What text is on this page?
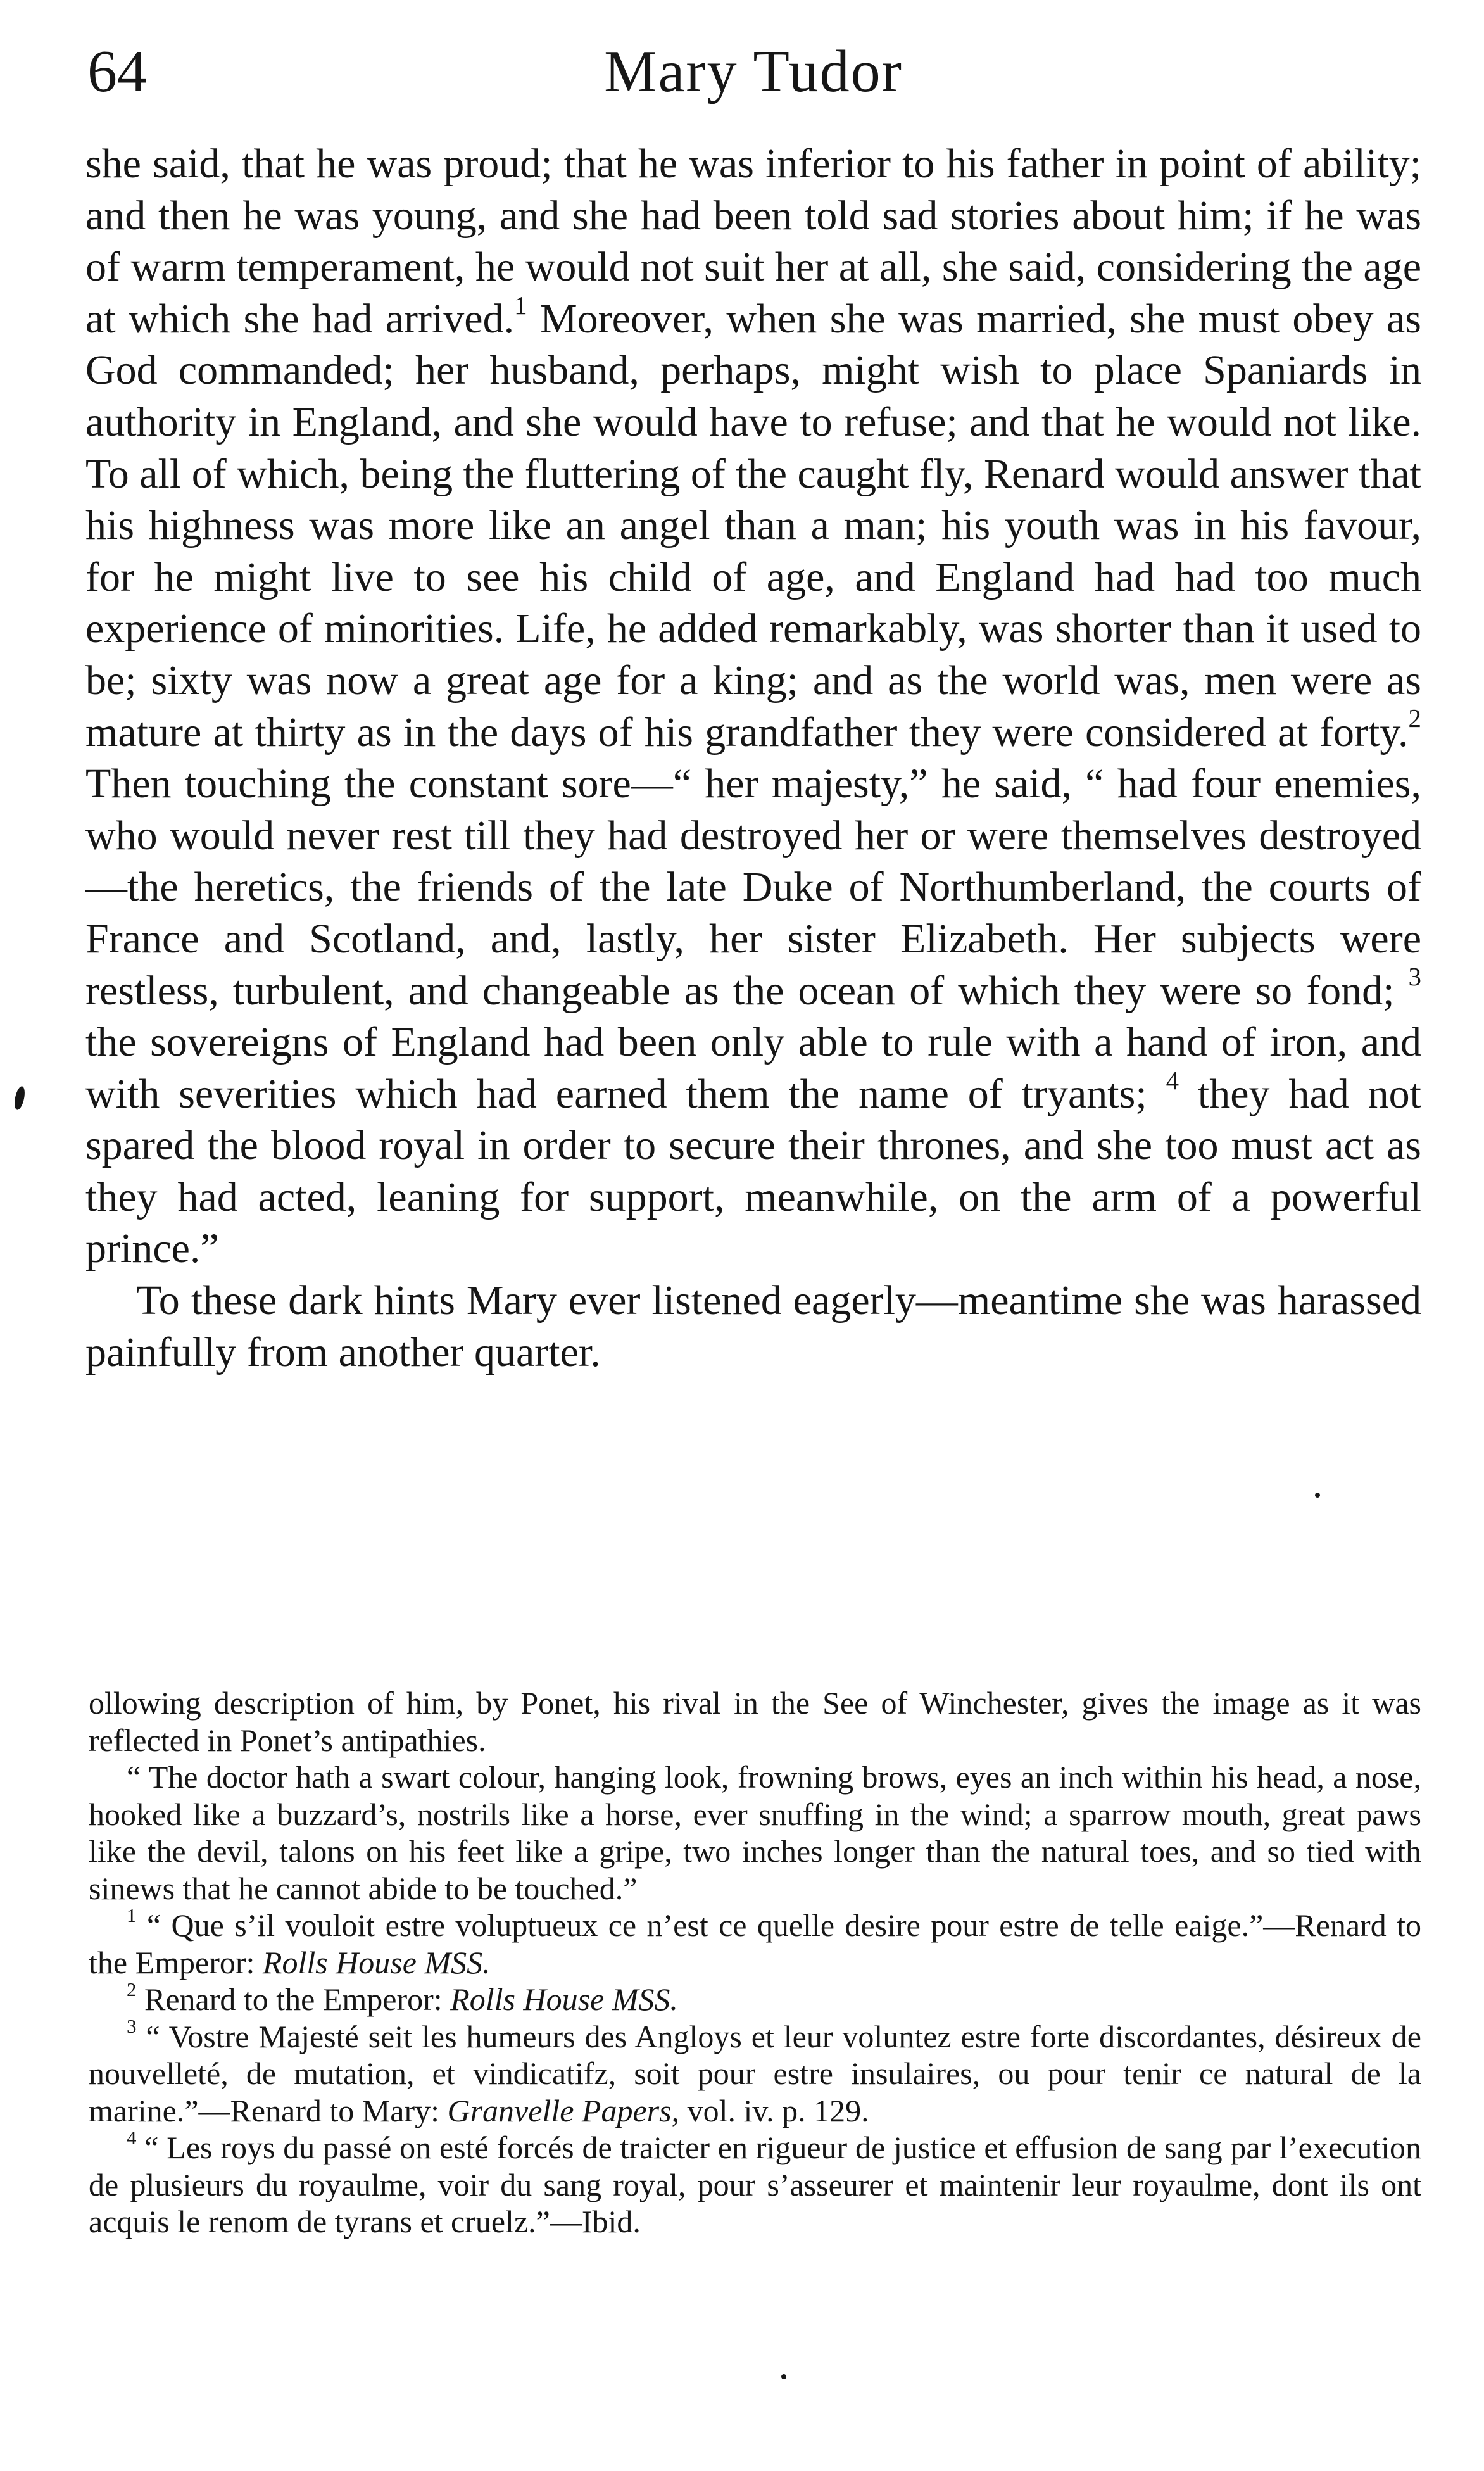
64	Mary Tudor

she said, that he was proud; that he was inferior to his father in point of ability; and then he was young, and she had been told sad stories about him; if he was of warm temperament, he would not suit her at all, she said, considering the age at which she had arrived.$^1$ Moreover, when she was married, she must obey as God commanded; her husband, perhaps, might wish to place Spaniards in authority in England, and she would have to refuse; and that he would not like. To all of which, being the fluttering of the caught fly, Renard would answer that his highness was more like an angel than a man; his youth was in his favour, for he might live to see his child of age, and England had had too much experience of minorities. Life, he added remarkably, was shorter than it used to be; sixty was now a great age for a king; and as the world was, men were as mature at thirty as in the days of his grandfather they were considered at forty.$^2$ Then touching the constant sore—“ her majesty,” he said, “ had four enemies, who would never rest till they had destroyed her or were themselves destroyed—the heretics, the friends of the late Duke of Northumberland, the courts of France and Scotland, and, lastly, her sister Elizabeth. Her subjects were restless, turbulent, and changeable as the ocean of which they were so fond; $^3$ the sovereigns of England had been only able to rule with a hand of iron, and with severities which had earned them the name of tryants; $^4$ they had not spared the blood royal in order to secure their thrones, and she too must act as they had acted, leaning for support, meanwhile, on the arm of a powerful prince.”

To these dark hints Mary ever listened eagerly—meantime she was harassed painfully from another quarter.

ollowing description of him, by Ponet, his rival in the See of Winchester, gives the image as it was reflected in Ponet’s antipathies.

“ The doctor hath a swart colour, hanging look, frowning brows, eyes an inch within his head, a nose, hooked like a buzzard’s, nostrils like a horse, ever snuffing in the wind; a sparrow mouth, great paws like the devil, talons on his feet like a gripe, two inches longer than the natural toes, and so tied with sinews that he cannot abide to be touched.”

$^1$ “ Que s’il vouloit estre voluptueux ce n’est ce quelle desire pour estre de telle eaige.”—Renard to the Emperor: Rolls House MSS.

$^2$ Renard to the Emperor: Rolls House MSS.

$^3$ “ Vostre Majesté seit les humeurs des Angloys et leur voluntez estre forte discordantes, désireux de nouvelleté, de mutation, et vindicatifz, soit pour estre insulaires, ou pour tenir ce natural de la marine.”—Renard to Mary: Granvelle Papers, vol. iv. p. 129.

$^4$ “ Les roys du passé on esté forcés de traicter en rigueur de justice et effusion de sang par l’execution de plusieurs du royaulme, voir du sang royal, pour s’asseurer et maintenir leur royaulme, dont ils ont acquis le renom de tyrans et cruelz.”—Ibid.
